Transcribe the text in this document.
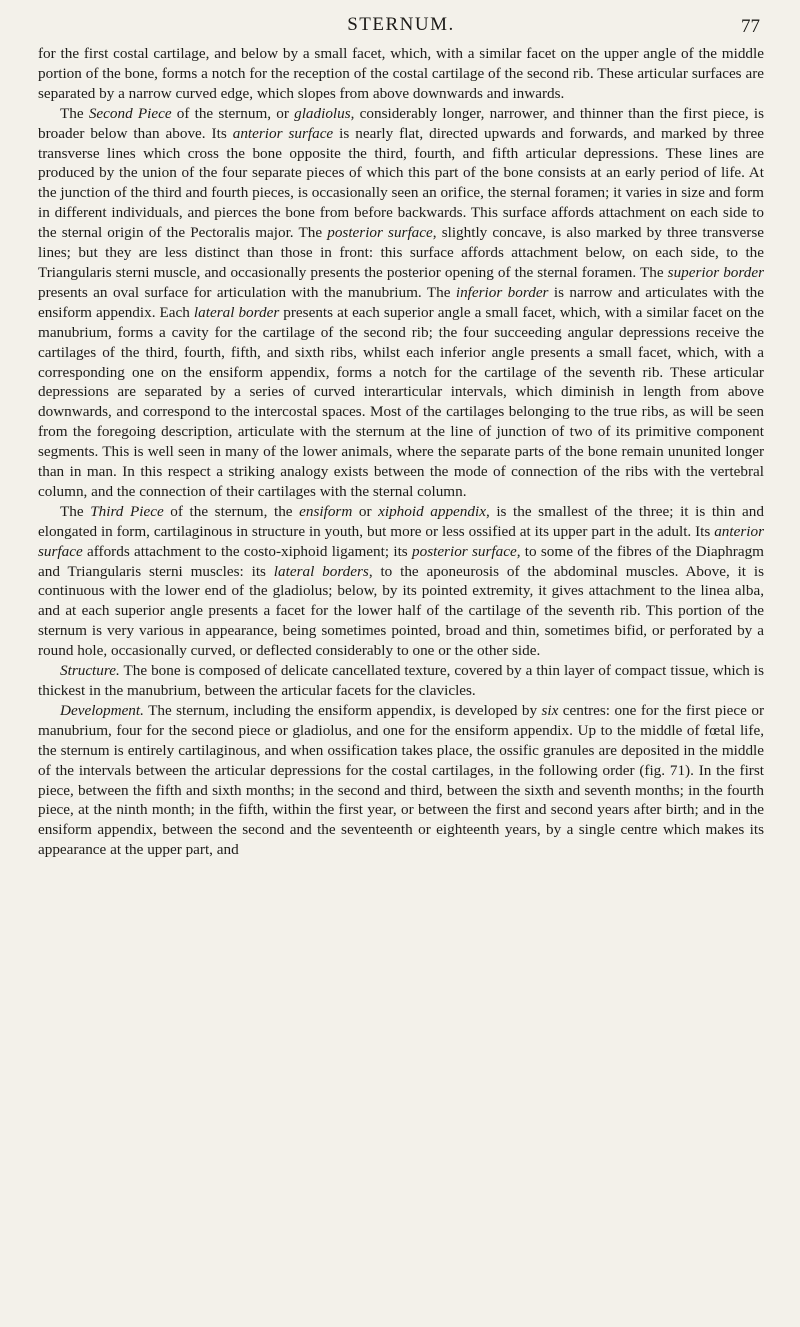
STERNUM.	77

for the first costal cartilage, and below by a small facet, which, with a similar facet on the upper angle of the middle portion of the bone, forms a notch for the reception of the costal cartilage of the second rib. These articular surfaces are separated by a narrow curved edge, which slopes from above downwards and inwards.

The Second Piece of the sternum, or gladiolus, considerably longer, narrower, and thinner than the first piece, is broader below than above. Its anterior surface is nearly flat, directed upwards and forwards, and marked by three transverse lines which cross the bone opposite the third, fourth, and fifth articular depressions. These lines are produced by the union of the four separate pieces of which this part of the bone consists at an early period of life. At the junction of the third and fourth pieces, is occasionally seen an orifice, the sternal foramen; it varies in size and form in different individuals, and pierces the bone from before backwards. This surface affords attachment on each side to the sternal origin of the Pectoralis major. The posterior surface, slightly concave, is also marked by three transverse lines; but they are less distinct than those in front: this surface affords attachment below, on each side, to the Triangularis sterni muscle, and occasionally presents the posterior opening of the sternal foramen. The superior border presents an oval surface for articulation with the manubrium. The inferior border is narrow and articulates with the ensiform appendix. Each lateral border presents at each superior angle a small facet, which, with a similar facet on the manubrium, forms a cavity for the cartilage of the second rib; the four succeeding angular depressions receive the cartilages of the third, fourth, fifth, and sixth ribs, whilst each inferior angle presents a small facet, which, with a corresponding one on the ensiform appendix, forms a notch for the cartilage of the seventh rib. These articular depressions are separated by a series of curved interarticular intervals, which diminish in length from above downwards, and correspond to the intercostal spaces. Most of the cartilages belonging to the true ribs, as will be seen from the foregoing description, articulate with the sternum at the line of junction of two of its primitive component segments. This is well seen in many of the lower animals, where the separate parts of the bone remain ununited longer than in man. In this respect a striking analogy exists between the mode of connection of the ribs with the vertebral column, and the connection of their cartilages with the sternal column.

The Third Piece of the sternum, the ensiform or xiphoid appendix, is the smallest of the three; it is thin and elongated in form, cartilaginous in structure in youth, but more or less ossified at its upper part in the adult. Its anterior surface affords attachment to the costo-xiphoid ligament; its posterior surface, to some of the fibres of the Diaphragm and Triangularis sterni muscles: its lateral borders, to the aponeurosis of the abdominal muscles. Above, it is continuous with the lower end of the gladiolus; below, by its pointed extremity, it gives attachment to the linea alba, and at each superior angle presents a facet for the lower half of the cartilage of the seventh rib. This portion of the sternum is very various in appearance, being sometimes pointed, broad and thin, sometimes bifid, or perforated by a round hole, occasionally curved, or deflected considerably to one or the other side.

Structure. The bone is composed of delicate cancellated texture, covered by a thin layer of compact tissue, which is thickest in the manubrium, between the articular facets for the clavicles.

Development. The sternum, including the ensiform appendix, is developed by six centres: one for the first piece or manubrium, four for the second piece or gladiolus, and one for the ensiform appendix. Up to the middle of fœtal life, the sternum is entirely cartilaginous, and when ossification takes place, the ossific granules are deposited in the middle of the intervals between the articular depressions for the costal cartilages, in the following order (fig. 71). In the first piece, between the fifth and sixth months; in the second and third, between the sixth and seventh months; in the fourth piece, at the ninth month; in the fifth, within the first year, or between the first and second years after birth; and in the ensiform appendix, between the second and the seventeenth or eighteenth years, by a single centre which makes its appearance at the upper part, and
